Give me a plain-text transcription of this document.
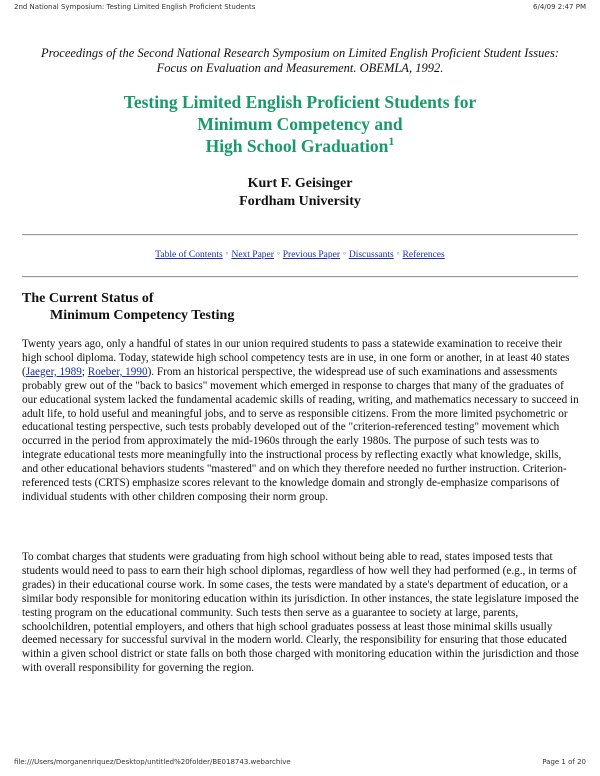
2nd National Symposium: Testing Limited English Proficient Students	6/4/09 2:47 PM
Proceedings of the Second National Research Symposium on Limited English Proficient Student Issues:
Focus on Evaluation and Measurement. OBEMLA, 1992.
Testing Limited English Proficient Students for
Minimum Competency and
High School Graduation$^1$
Kurt F. Geisinger
Fordham University
Table of Contents ° Next Paper ° Previous Paper ° Discussants ° References
The Current Status of
Minimum Competency Testing
Twenty years ago, only a handful of states in our union required students to pass a statewide examination to receive their high school diploma. Today, statewide high school competency tests are in use, in one form or another, in at least 40 states (Jaeger, 1989; Roeber, 1990). From an historical perspective, the widespread use of such examinations and assessments probably grew out of the "back to basics" movement which emerged in response to charges that many of the graduates of our educational system lacked the fundamental academic skills of reading, writing, and mathematics necessary to succeed in adult life, to hold useful and meaningful jobs, and to serve as responsible citizens. From the more limited psychometric or educational testing perspective, such tests probably developed out of the "criterion-referenced testing" movement which occurred in the period from approximately the mid-1960s through the early 1980s. The purpose of such tests was to integrate educational tests more meaningfully into the instructional process by reflecting exactly what knowledge, skills, and other educational behaviors students "mastered" and on which they therefore needed no further instruction. Criterion- referenced tests (CRTS) emphasize scores relevant to the knowledge domain and strongly de-emphasize comparisons of individual students with other children composing their norm group.
To combat charges that students were graduating from high school without being able to read, states imposed tests that students would need to pass to earn their high school diplomas, regardless of how well they had performed (e.g., in terms of grades) in their educational course work. In some cases, the tests were mandated by a state's department of education, or a similar body responsible for monitoring education within its jurisdiction. In other instances, the state legislature imposed the testing program on the educational community. Such tests then serve as a guarantee to society at large, parents, schoolchildren, potential employers, and others that high school graduates possess at least those minimal skills usually deemed necessary for successful survival in the modern world. Clearly, the responsibility for ensuring that those educated within a given school district or state falls on both those charged with monitoring education within the jurisdiction and those with overall responsibility for governing the region.
file:///Users/morganenriquez/Desktop/untitled%20folder/BE018743.webarchive	Page 1 of 20
